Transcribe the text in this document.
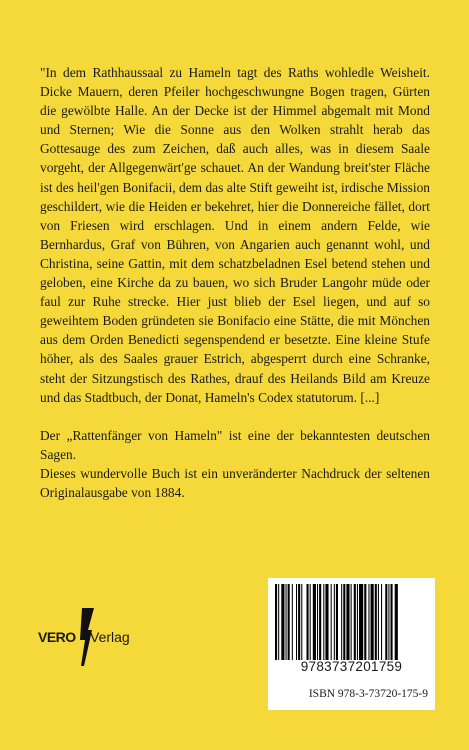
"In dem Rathhaussaal zu Hameln tagt des Raths wohledle Weisheit. Dicke Mauern, deren Pfeiler hochgeschwungne Bogen tragen, Gürten die gewölbte Halle. An der Decke ist der Himmel abgemalt mit Mond und Sternen; Wie die Sonne aus den Wolken strahlt herab das Gottesauge des zum Zeichen, daß auch alles, was in diesem Saale vorgeht, der Allgegenwärt'ge schauet. An der Wandung breit'ster Fläche ist des heil'gen Bonifacii, dem das alte Stift geweiht ist, irdische Mission geschildert, wie die Heiden er bekehret, hier die Donnereiche fället, dort von Friesen wird erschlagen. Und in einem andern Felde, wie Bernhardus, Graf von Bühren, von Angarien auch genannt wohl, und Christina, seine Gattin, mit dem schatzbeladnen Esel betend stehen und geloben, eine Kirche da zu bauen, wo sich Bruder Langohr müde oder faul zur Ruhe strecke. Hier just blieb der Esel liegen, und auf so geweihtem Boden gründeten sie Bonifacio eine Stätte, die mit Mönchen aus dem Orden Benedicti segenspendend er besetzte. Eine kleine Stufe höher, als des Saales grauer Estrich, abgesperrt durch eine Schranke, steht der Sitzungstisch des Rathes, drauf des Heilands Bild am Kreuze und das Stadtbuch, der Donat, Hameln's Codex statutorum. [...]

Der „Rattenfänger von Hameln" ist eine der bekanntesten deutschen Sagen.

Dieses wundervolle Buch ist ein unveränderter Nachdruck der seltenen Originalausgabe von 1884.

VERO Verlag
9783737201759
ISBN 978-3-73720-175-9
